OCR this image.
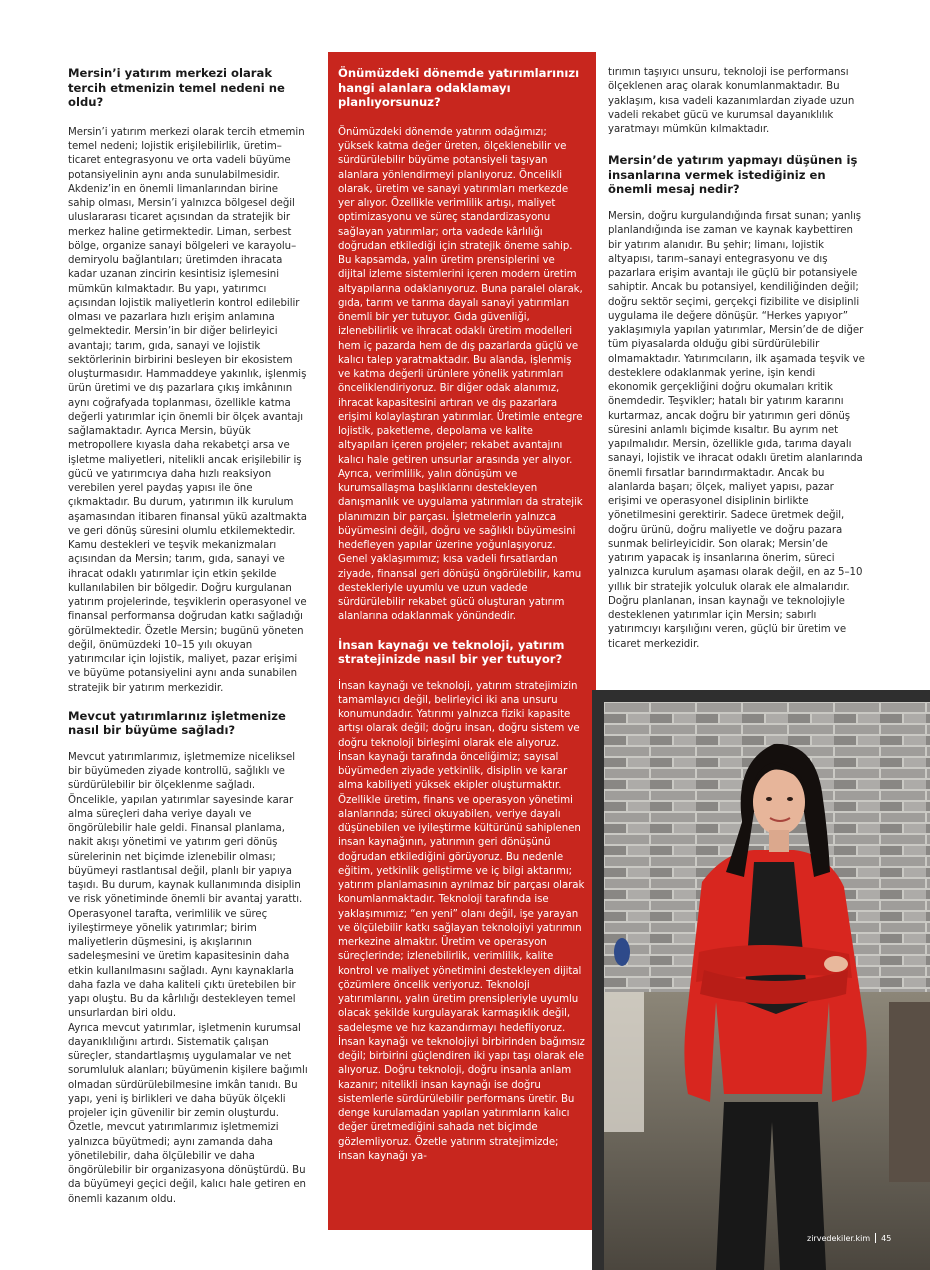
Mersin’i yatırım merkezi olarak tercih etmenizin temel nedeni ne oldu?

Mersin’i yatırım merkezi olarak tercih etmemin temel nedeni; lojistik erişilebilirlik, üretim–ticaret entegrasyonu ve orta vadeli büyüme potansiyelinin aynı anda sunulabilmesidir. Akdeniz’in en önemli limanlarından birine sahip olması, Mersin’i yalnızca bölgesel değil uluslararası ticaret açısından da stratejik bir merkez haline getirmektedir. Liman, serbest bölge, organize sanayi bölgeleri ve karayolu–demiryolu bağlantıları; üretimden ihracata kadar uzanan zincirin kesintisiz işlemesini mümkün kılmaktadır. Bu yapı, yatırımcı açısından lojistik maliyetlerin kontrol edilebilir olması ve pazarlara hızlı erişim anlamına gelmektedir. Mersin’in bir diğer belirleyici avantajı; tarım, gıda, sanayi ve lojistik sektörlerinin birbirini besleyen bir ekosistem oluşturmasıdır. Hammaddeye yakınlık, işlenmiş ürün üretimi ve dış pazarlara çıkış imkânının aynı coğrafyada toplanması, özellikle katma değerli yatırımlar için önemli bir ölçek avantajı sağlamaktadır. Ayrıca Mersin, büyük metropollere kıyasla daha rekabetçi arsa ve işletme maliyetleri, nitelikli ancak erişilebilir iş gücü ve yatırımcıya daha hızlı reaksiyon verebilen yerel paydaş yapısı ile öne çıkmaktadır. Bu durum, yatırımın ilk kurulum aşamasından itibaren finansal yükü azaltmakta ve geri dönüş süresini olumlu etkilemektedir. Kamu destekleri ve teşvik mekanizmaları açısından da Mersin; tarım, gıda, sanayi ve ihracat odaklı yatırımlar için etkin şekilde kullanılabilen bir bölgedir. Doğru kurgulanan yatırım projelerinde, teşviklerin operasyonel ve finansal performansa doğrudan katkı sağladığı görülmektedir. Özetle Mersin; bugünü yöneten değil, önümüzdeki 10–15 yılı okuyan yatırımcılar için lojistik, maliyet, pazar erişimi ve büyüme potansiyelini aynı anda sunabilen stratejik bir yatırım merkezidir.

Mevcut yatırımlarınız işletmenize nasıl bir büyüme sağladı?

Mevcut yatırımlarımız, işletmemize niceliksel bir büyümeden ziyade kontrollü, sağlıklı ve sürdürülebilir bir ölçeklenme sağladı. Öncelikle, yapılan yatırımlar sayesinde karar alma süreçleri daha veriye dayalı ve öngörülebilir hale geldi. Finansal planlama, nakit akışı yönetimi ve yatırım geri dönüş sürelerinin net biçimde izlenebilir olması; büyümeyi rastlantısal değil, planlı bir yapıya taşıdı. Bu durum, kaynak kullanımında disiplin ve risk yönetiminde önemli bir avantaj yarattı. Operasyonel tarafta, verimlilik ve süreç iyileştirmeye yönelik yatırımlar; birim maliyetlerin düşmesini, iş akışlarının sadeleşmesini ve üretim kapasitesinin daha etkin kullanılmasını sağladı. Aynı kaynaklarla daha fazla ve daha kaliteli çıktı üretebilen bir yapı oluştu. Bu da kârlılığı destekleyen temel unsurlardan biri oldu.

Ayrıca mevcut yatırımlar, işletmenin kurumsal dayanıklılığını artırdı. Sistematik çalışan süreçler, standartlaşmış uygulamalar ve net sorumluluk alanları; büyümenin kişilere bağımlı olmadan sürdürülebilmesine imkân tanıdı. Bu yapı, yeni iş birlikleri ve daha büyük ölçekli projeler için güvenilir bir zemin oluşturdu. Özetle, mevcut yatırımlarımız işletmemizi yalnızca büyütmedi; aynı zamanda daha yönetilebilir, daha ölçülebilir ve daha öngörülebilir bir organizasyona dönüştürdü. Bu da büyümeyi geçici değil, kalıcı hale getiren en önemli kazanım oldu.

Önümüzdeki dönemde yatırımlarınızı hangi alanlara odaklamayı planlıyorsunuz?

Önümüzdeki dönemde yatırım odağımızı; yüksek katma değer üreten, ölçeklenebilir ve sürdürülebilir büyüme potansiyeli taşıyan alanlara yönlendirmeyi planlıyoruz. Öncelikli olarak, üretim ve sanayi yatırımları merkezde yer alıyor. Özellikle verimlilik artışı, maliyet optimizasyonu ve süreç standardizasyonu sağlayan yatırımlar; orta vadede kârlılığı doğrudan etkilediği için stratejik öneme sahip. Bu kapsamda, yalın üretim prensiplerini ve dijital izleme sistemlerini içeren modern üretim altyapılarına odaklanıyoruz. Buna paralel olarak, gıda, tarım ve tarıma dayalı sanayi yatırımları önemli bir yer tutuyor. Gıda güvenliği, izlenebilirlik ve ihracat odaklı üretim modelleri hem iç pazarda hem de dış pazarlarda güçlü ve kalıcı talep yaratmaktadır. Bu alanda, işlenmiş ve katma değerli ürünlere yönelik yatırımları önceliklendiriyoruz. Bir diğer odak alanımız, ihracat kapasitesini artıran ve dış pazarlara erişimi kolaylaştıran yatırımlar. Üretimle entegre lojistik, paketleme, depolama ve kalite altyapıları içeren projeler; rekabet avantajını kalıcı hale getiren unsurlar arasında yer alıyor. Ayrıca, verimlilik, yalın dönüşüm ve kurumsallaşma başlıklarını destekleyen danışmanlık ve uygulama yatırımları da stratejik planımızın bir parçası. İşletmelerin yalnızca büyümesini değil, doğru ve sağlıklı büyümesini hedefleyen yapılar üzerine yoğunlaşıyoruz. Genel yaklaşımımız; kısa vadeli fırsatlardan ziyade, finansal geri dönüşü öngörülebilir, kamu destekleriyle uyumlu ve uzun vadede sürdürülebilir rekabet gücü oluşturan yatırım alanlarına odaklanmak yönündedir.

İnsan kaynağı ve teknoloji, yatırım stratejinizde nasıl bir yer tutuyor?

İnsan kaynağı ve teknoloji, yatırım stratejimizin tamamlayıcı değil, belirleyici iki ana unsuru konumundadır. Yatırımı yalnızca fiziki kapasite artışı olarak değil; doğru insan, doğru sistem ve doğru teknoloji birleşimi olarak ele alıyoruz. İnsan kaynağı tarafında önceliğimiz; sayısal büyümeden ziyade yetkinlik, disiplin ve karar alma kabiliyeti yüksek ekipler oluşturmaktır. Özellikle üretim, finans ve operasyon yönetimi alanlarında; süreci okuyabilen, veriye dayalı düşünebilen ve iyileştirme kültürünü sahiplenen insan kaynağının, yatırımın geri dönüşünü doğrudan etkilediğini görüyoruz. Bu nedenle eğitim, yetkinlik geliştirme ve iç bilgi aktarımı; yatırım planlamasının ayrılmaz bir parçası olarak konumlanmaktadır. Teknoloji tarafında ise yaklaşımımız; “en yeni” olanı değil, işe yarayan ve ölçülebilir katkı sağlayan teknolojiyi yatırımın merkezine almaktır. Üretim ve operasyon süreçlerinde; izlenebilirlik, verimlilik, kalite kontrol ve maliyet yönetimini destekleyen dijital çözümlere öncelik veriyoruz. Teknoloji yatırımlarını, yalın üretim prensipleriyle uyumlu olacak şekilde kurgulayarak karmaşıklık değil, sadeleşme ve hız kazandırmayı hedefliyoruz. İnsan kaynağı ve teknolojiyi birbirinden bağımsız değil; birbirini güçlendiren iki yapı taşı olarak ele alıyoruz. Doğru teknoloji, doğru insanla anlam kazanır; nitelikli insan kaynağı ise doğru sistemlerle sürdürülebilir performans üretir. Bu denge kurulamadan yapılan yatırımların kalıcı değer üretmediğini sahada net biçimde gözlemliyoruz. Özetle yatırım stratejimizde; insan kaynağı ya-

tırımın taşıyıcı unsuru, teknoloji ise performansı ölçeklenen araç olarak konumlanmaktadır. Bu yaklaşım, kısa vadeli kazanımlardan ziyade uzun vadeli rekabet gücü ve kurumsal dayanıklılık yaratmayı mümkün kılmaktadır.

Mersin’de yatırım yapmayı düşünen iş insanlarına vermek istediğiniz en önemli mesaj nedir?

Mersin, doğru kurgulandığında fırsat sunan; yanlış planlandığında ise zaman ve kaynak kaybettiren bir yatırım alanıdır. Bu şehir; limanı, lojistik altyapısı, tarım–sanayi entegrasyonu ve dış pazarlara erişim avantajı ile güçlü bir potansiyele sahiptir. Ancak bu potansiyel, kendiliğinden değil; doğru sektör seçimi, gerçekçi fizibilite ve disiplinli uygulama ile değere dönüşür. “Herkes yapıyor” yaklaşımıyla yapılan yatırımlar, Mersin’de de diğer tüm piyasalarda olduğu gibi sürdürülebilir olmamaktadır. Yatırımcıların, ilk aşamada teşvik ve desteklere odaklanmak yerine, işin kendi ekonomik gerçekliğini doğru okumaları kritik önemdedir. Teşvikler; hatalı bir yatırım kararını kurtarmaz, ancak doğru bir yatırımın geri dönüş süresini anlamlı biçimde kısaltır. Bu ayrım net yapılmalıdır. Mersin, özellikle gıda, tarıma dayalı sanayi, lojistik ve ihracat odaklı üretim alanlarında önemli fırsatlar barındırmaktadır. Ancak bu alanlarda başarı; ölçek, maliyet yapısı, pazar erişimi ve operasyonel disiplinin birlikte yönetilmesini gerektirir. Sadece üretmek değil, doğru ürünü, doğru maliyetle ve doğru pazara sunmak belirleyicidir. Son olarak; Mersin’de yatırım yapacak iş insanlarına önerim, süreci yalnızca kurulum aşaması olarak değil, en az 5–10 yıllık bir stratejik yolculuk olarak ele almalarıdır. Doğru planlanan, insan kaynağı ve teknolojiyle desteklenen yatırımlar için Mersin; sabırlı yatırımcıyı karşılığını veren, güçlü bir üretim ve ticaret merkezidir.

zirvedekiler.kim 45
